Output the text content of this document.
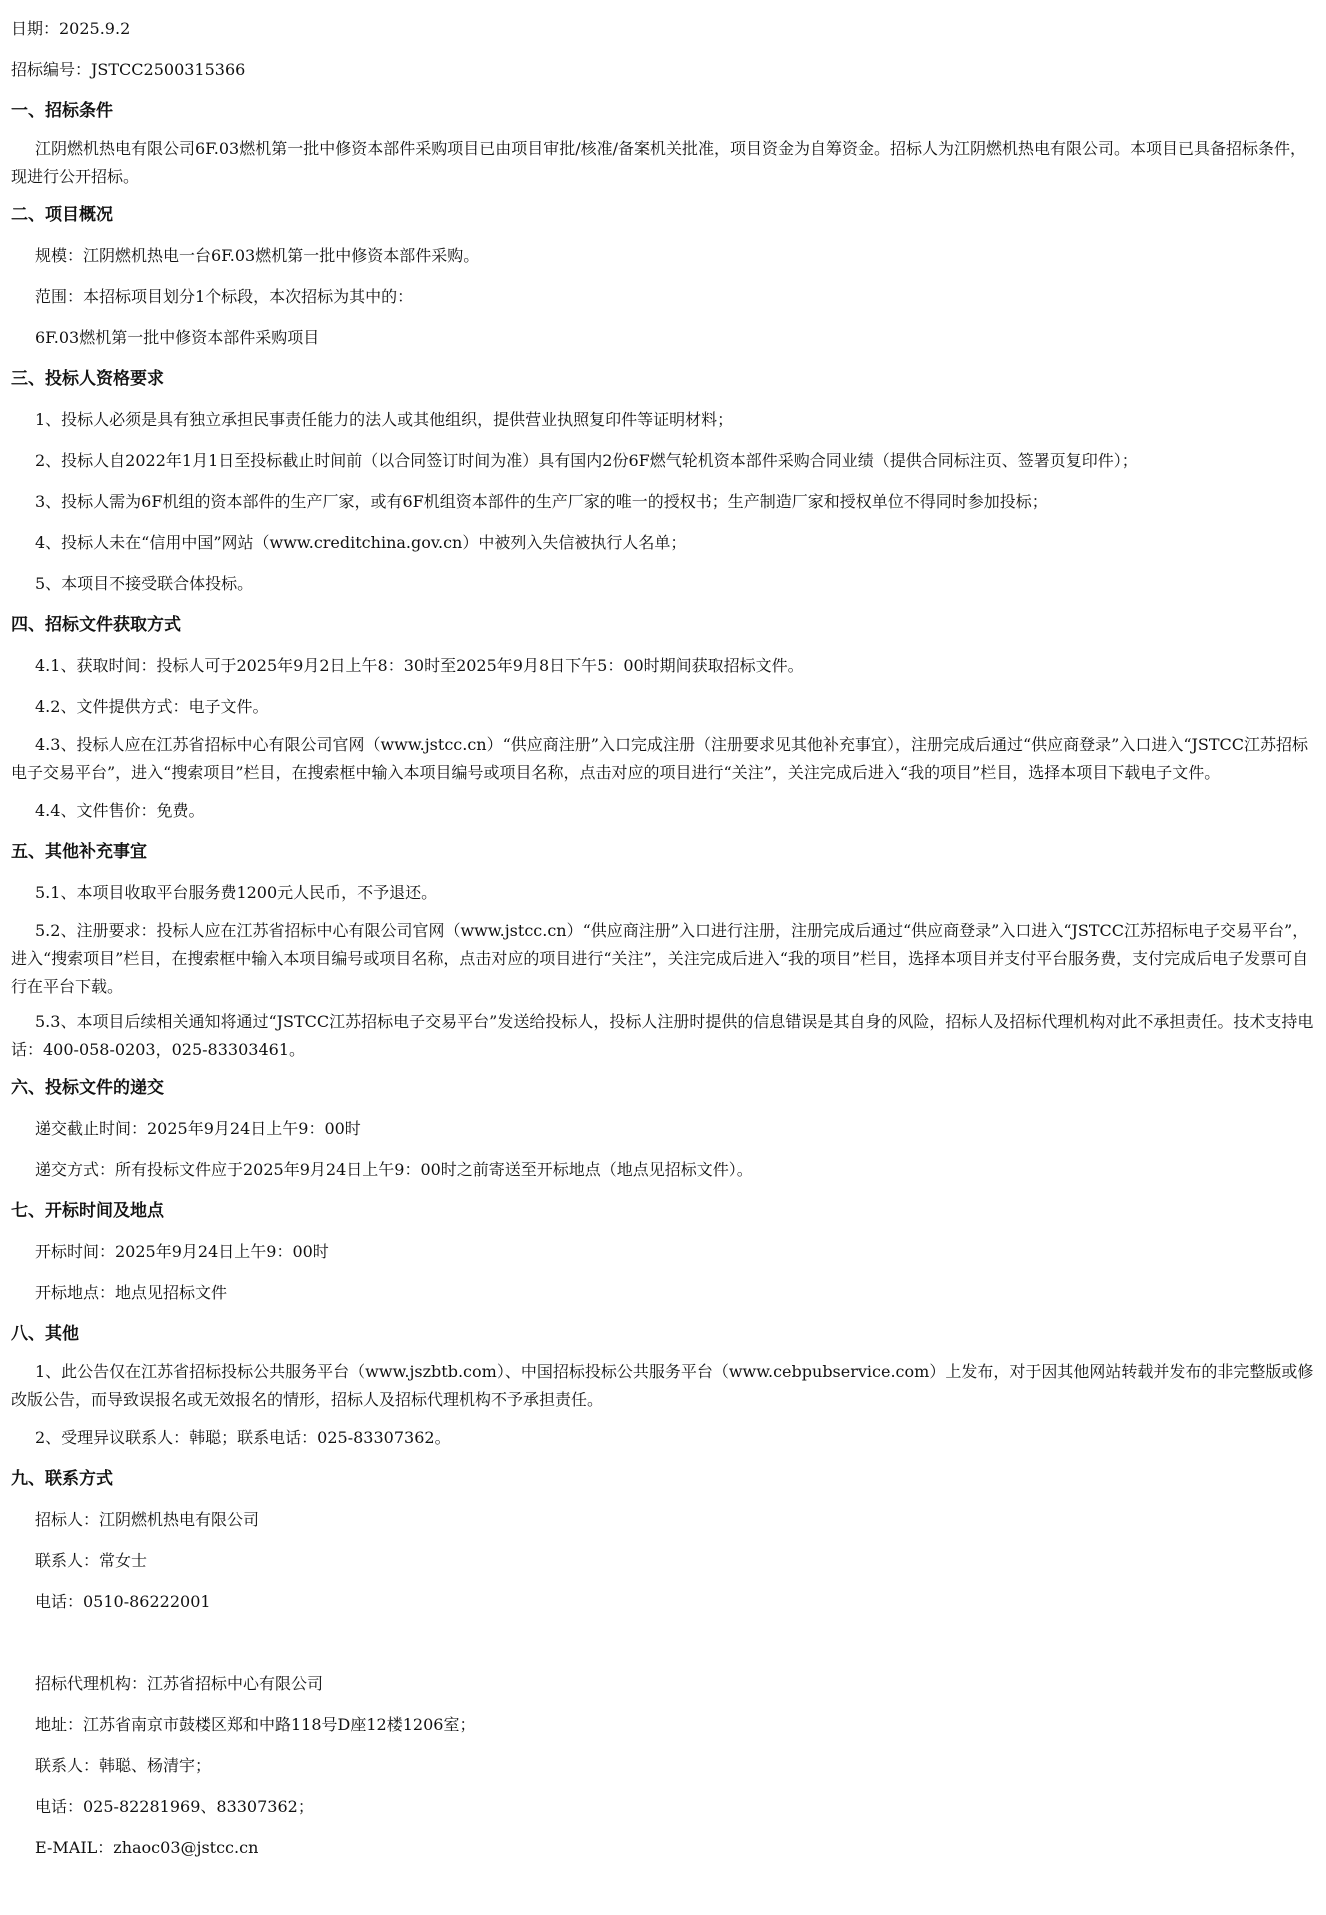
日期：2025.9.2
招标编号：JSTCC2500315366
一、招标条件
江阴燃机热电有限公司6F.03燃机第一批中修资本部件采购项目已由项目审批/核准/备案机关批准，项目资金为自筹资金。招标人为江阴燃机热电有限公司。本项目已具备招标条件，现进行公开招标。
二、项目概况
规模：江阴燃机热电一台6F.03燃机第一批中修资本部件采购。
范围：本招标项目划分1个标段，本次招标为其中的：
6F.03燃机第一批中修资本部件采购项目
三、投标人资格要求
1、投标人必须是具有独立承担民事责任能力的法人或其他组织，提供营业执照复印件等证明材料；
2、投标人自2022年1月1日至投标截止时间前（以合同签订时间为准）具有国内2份6F燃气轮机资本部件采购合同业绩（提供合同标注页、签署页复印件）；
3、投标人需为6F机组的资本部件的生产厂家，或有6F机组资本部件的生产厂家的唯一的授权书；生产制造厂家和授权单位不得同时参加投标；
4、投标人未在“信用中国”网站（www.creditchina.gov.cn）中被列入失信被执行人名单；
5、本项目不接受联合体投标。
四、招标文件获取方式
4.1、获取时间：投标人可于2025年9月2日上午8：30时至2025年9月8日下午5：00时期间获取招标文件。
4.2、文件提供方式：电子文件。
4.3、投标人应在江苏省招标中心有限公司官网（www.jstcc.cn）“供应商注册”入口完成注册（注册要求见其他补充事宜），注册完成后通过“供应商登录”入口进入“JSTCC江苏招标电子交易平台”，进入“搜索项目”栏目，在搜索框中输入本项目编号或项目名称，点击对应的项目进行“关注”，关注完成后进入“我的项目”栏目，选择本项目下载电子文件。
4.4、文件售价：免费。
五、其他补充事宜
5.1、本项目收取平台服务费1200元人民币，不予退还。
5.2、注册要求：投标人应在江苏省招标中心有限公司官网（www.jstcc.cn）“供应商注册”入口进行注册，注册完成后通过“供应商登录”入口进入“JSTCC江苏招标电子交易平台”，进入“搜索项目”栏目，在搜索框中输入本项目编号或项目名称，点击对应的项目进行“关注”，关注完成后进入“我的项目”栏目，选择本项目并支付平台服务费，支付完成后电子发票可自行在平台下载。
5.3、本项目后续相关通知将通过“JSTCC江苏招标电子交易平台”发送给投标人，投标人注册时提供的信息错误是其自身的风险，招标人及招标代理机构对此不承担责任。技术支持电话：400-058-0203，025-83303461。
六、投标文件的递交
递交截止时间：2025年9月24日上午9：00时
递交方式：所有投标文件应于2025年9月24日上午9：00时之前寄送至开标地点（地点见招标文件）。
七、开标时间及地点
开标时间：2025年9月24日上午9：00时
开标地点：地点见招标文件
八、其他
1、此公告仅在江苏省招标投标公共服务平台（www.jszbtb.com）、中国招标投标公共服务平台（www.cebpubservice.com）上发布，对于因其他网站转载并发布的非完整版或修改版公告，而导致误报名或无效报名的情形，招标人及招标代理机构不予承担责任。
2、受理异议联系人：韩聪；联系电话：025-83307362。
九、联系方式
招标人：江阴燃机热电有限公司
联系人：常女士
电话：0510-86222001
招标代理机构：江苏省招标中心有限公司
地址：江苏省南京市鼓楼区郑和中路118号D座12楼1206室；
联系人：韩聪、杨清宇；
电话：025-82281969、83307362；
E-MAIL：zhaoc03@jstcc.cn
